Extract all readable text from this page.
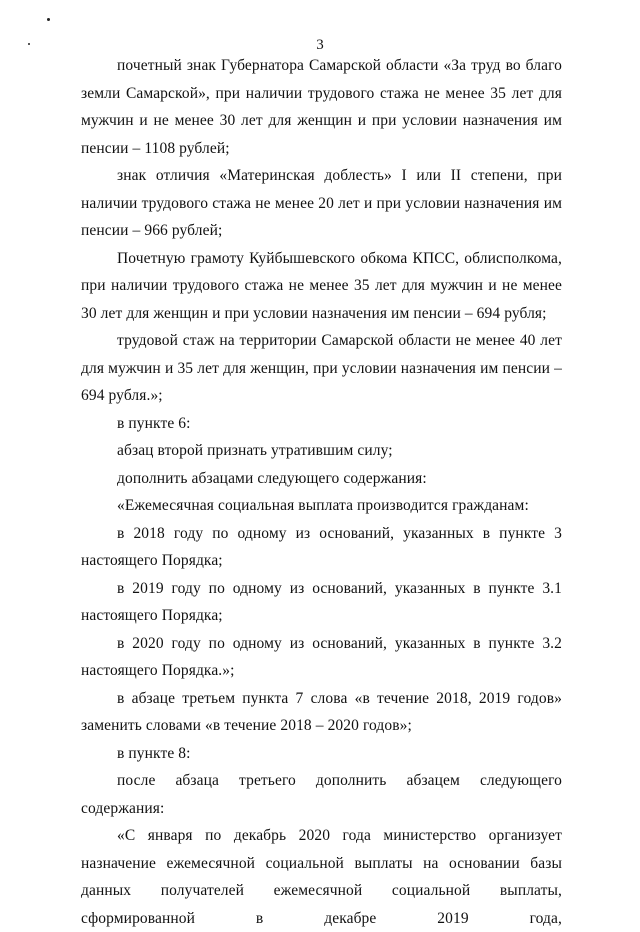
3

почетный знак Губернатора Самарской области «За труд во благо земли Самарской», при наличии трудового стажа не менее 35 лет для мужчин и не менее 30 лет для женщин и при условии назначения им пенсии – 1108 рублей;

знак отличия «Материнская доблесть» I или II степени, при наличии трудового стажа не менее 20 лет и при условии назначения им пенсии – 966 рублей;

Почетную грамоту Куйбышевского обкома КПСС, облисполкома, при наличии трудового стажа не менее 35 лет для мужчин и не менее 30 лет для женщин и при условии назначения им пенсии – 694 рубля;

трудовой стаж на территории Самарской области не менее 40 лет для мужчин и 35 лет для женщин, при условии назначения им пенсии – 694 рубля.»;

в пункте 6:

абзац второй признать утратившим силу;

дополнить абзацами следующего содержания:

«Ежемесячная социальная выплата производится гражданам:

в 2018 году по одному из оснований, указанных в пункте 3 настоящего Порядка;

в 2019 году по одному из оснований, указанных в пункте 3.1 настоящего Порядка;

в 2020 году по одному из оснований, указанных в пункте 3.2 настоящего Порядка.»;

в абзаце третьем пункта 7 слова «в течение 2018, 2019 годов» заменить словами «в течение 2018 – 2020 годов»;

в пункте 8:

после абзаца третьего дополнить абзацем следующего содержания:

«С января по декабрь 2020 года министерство организует назначение ежемесячной социальной выплаты на основании базы данных получателей ежемесячной социальной выплаты, сформированной в декабре 2019 года,
